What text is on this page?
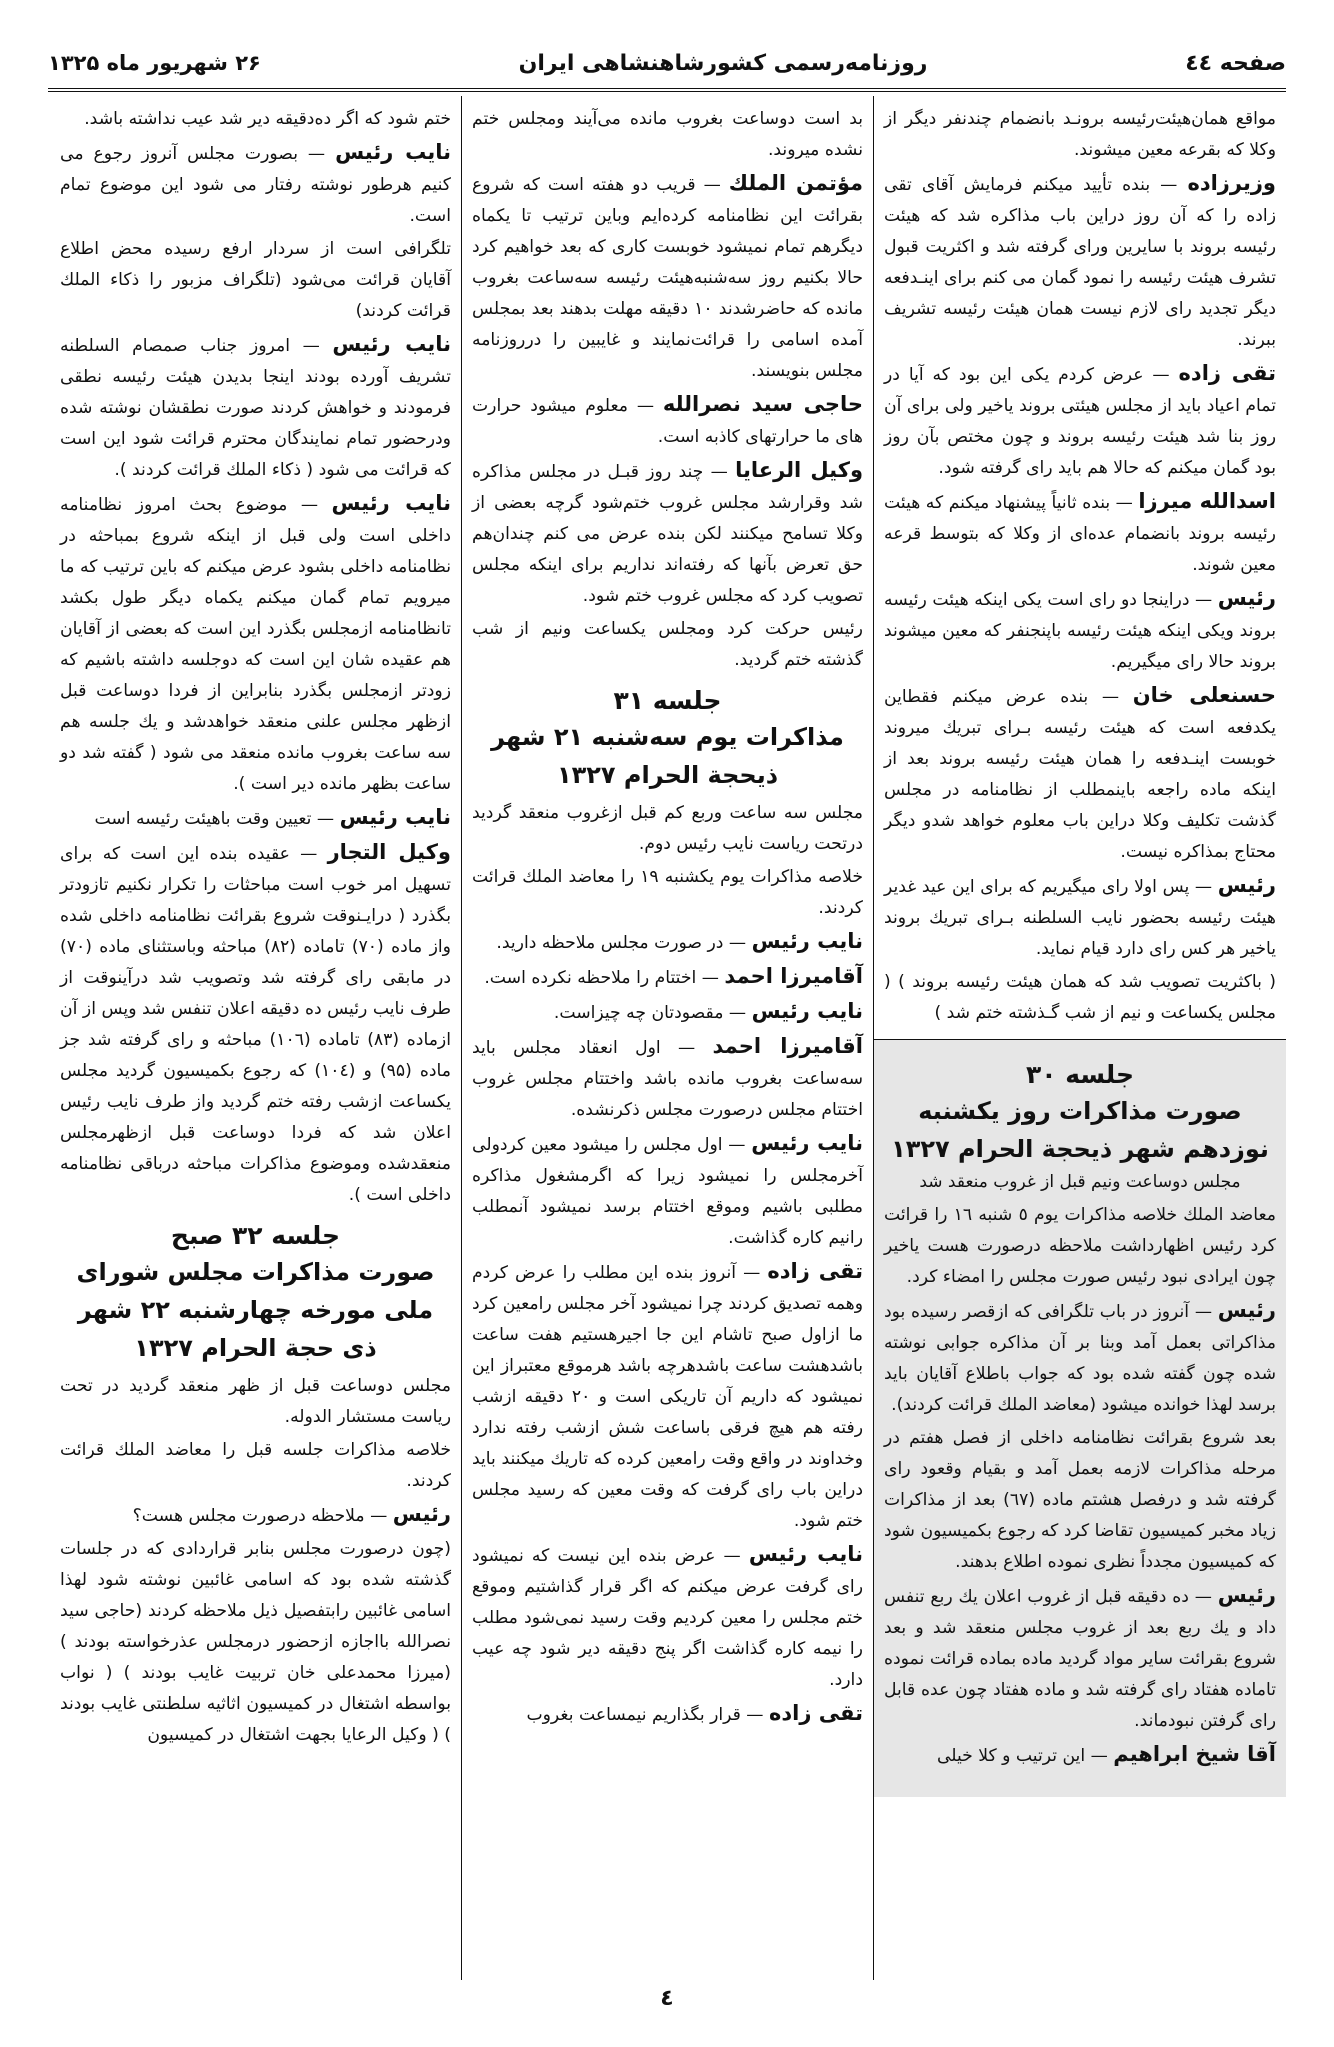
صفحه ٤٤
روزنامه‌رسمی کشورشاهنشاهی ایران
۲۶ شهریور ماه ۱۳۲۵

مواقع همان‌هیئت‌رئیسه برونـد بانضمام چندنفر دیگر از وکلا که بقرعه معین میشوند.

وزیرزاده — بنده تأیید میکنم فرمایش آقای تقی زاده را که آن روز دراین باب مذاکره شد که هیئت رئیسه بروند با سایرین ورای گرفته شد و اکثریت قبول تشرف هیئت رئیسه را نمود گمان می کنم برای اینـدفعه دیگر تجدید رای لازم نیست همان هیئت رئیسه تشریف ببرند.

تقی زاده — عرض کردم یکی این بود که آیا در تمام اعیاد باید از مجلس هیئتی بروند یاخیر ولی برای آن روز بنا شد هیئت رئیسه بروند و چون مختص بآن روز بود گمان میکنم که حالا هم باید رای گرفته شود.

اسدالله میرزا — بنده ثانیاً پیشنهاد میکنم که هیئت رئیسه بروند بانضمام عده‌ای از وکلا که بتوسط قرعه معین شوند.

رئیس — دراینجا دو رای است یکی اینکه هیئت رئیسه بروند ویکی اینکه هیئت رئیسه باپنجنفر که معین میشوند بروند حالا رای میگیریم.

حسنعلی خان — بنده عرض میکنم فقطاین یکدفعه است که هیئت رئیسه بـرای تبریك میروند خوبست اینـدفعه را همان هیئت رئیسه بروند بعد از اینکه ماده راجعه باینمطلب از نظامنامه در مجلس گذشت تکلیف وکلا دراین باب معلوم خواهد شدو دیگر محتاج بمذاکره نیست.

رئیس — پس اولا رای میگیریم که برای این عید غدیر هیئت رئیسه بحضور نایب السلطنه بـرای تبریك بروند یاخیر هر کس رای دارد قیام نماید.

( باکثریت تصویب شد که همان هیئت رئیسه بروند ) ( مجلس یکساعت و نیم از شب گـذشته ختم شد )

جلسه ۳۰
صورت مذاکرات روز یکشنبه نوزدهم شهر ذیحجة الحرام ۱۳۲۷
مجلس دوساعت ونیم قبل از غروب منعقد شد

معاضد الملك خلاصه مذاکرات یوم ٥ شنبه ١٦ را قرائت کرد رئیس اظهارداشت ملاحظه درصورت هست یاخیر چون ایرادی نبود رئیس صورت مجلس را امضاء کرد.

رئیس — آنروز در باب تلگرافی که ازقصر رسیده بود مذاکراتی بعمل آمد وبنا بر آن مذاکره جوابی نوشته شده چون گفته شده بود که جواب باطلاع آقایان باید برسد لهذا خوانده میشود (معاضد الملك قرائت کردند).

بعد شروع بقرائت نظامنامه داخلی از فصل هفتم در مرحله مذاکرات لازمه بعمل آمد و بقیام وقعود رای گرفته شد و درفصل هشتم ماده (٦٧) بعد از مذاکرات زیاد مخبر کمیسیون تقاضا کرد که رجوع بکمیسیون شود که کمیسیون مجدداً نظری نموده اطلاع بدهند.

رئیس — ده دقیقه قبل از غروب اعلان یك ربع تنفس داد و یك ربع بعد از غروب مجلس منعقد شد و بعد شروع بقرائت سایر مواد گردید ماده بماده قرائت نموده تاماده هفتاد رای گرفته شد و ماده هفتاد چون عده قابل رای گرفتن نبودماند.

آقا شیخ ابراهیم — این ترتیب و کلا خیلی

بد است دوساعت بغروب مانده می‌آیند ومجلس ختم نشده میروند.

مؤتمن الملك — قریب دو هفته است که شروع بقرائت این نظامنامه کرده‌ایم وباین ترتیب تا یکماه دیگرهم تمام نمیشود خوبست کاری که بعد خواهیم کرد حالا بکنیم روز سه‌شنبه‌هیئت رئیسه سه‌ساعت بغروب مانده که حاضرشدند ۱۰ دقیقه مهلت بدهند بعد بمجلس آمده اسامی را قرائت‌نمایند و غایبین را درروزنامه مجلس بنویسند.

حاجی سید نصرالله — معلوم میشود حرارت های ما حرارتهای کاذبه است.

وکیل الرعایا — چند روز قبـل در مجلس مذاکره شد وقرارشد مجلس غروب ختم‌شود گرچه بعضی از وکلا تسامح میکنند لکن بنده عرض می کنم چندان‌هم حق تعرض بآنها که رفته‌اند نداریم برای اینکه مجلس تصویب کرد که مجلس غروب ختم شود.

رئیس حرکت کرد ومجلس یکساعت ونیم از شب گذشته ختم گردید.

جلسه ۳۱
مذاکرات یوم سه‌شنبه ۲۱ شهر ذیحجة الحرام ۱۳۲۷

مجلس سه ساعت وربع کم قبل ازغروب منعقد گردید درتحت ریاست نایب رئیس دوم.

خلاصه مذاکرات یوم یکشنبه ۱۹ را معاضد الملك قرائت کردند.

نایب رئیس — در صورت مجلس ملاحظه دارید.

آقامیرزا احمد — اختتام را ملاحظه نکرده است.

نایب رئیس — مقصودتان چه چیزاست.

آقامیرزا احمد — اول انعقاد مجلس باید سه‌ساعت بغروب مانده باشد واختتام مجلس غروب اختتام مجلس درصورت مجلس ذکرنشده.

نایب رئیس — اول مجلس را میشود معین کردولی آخرمجلس را نمیشود زیرا که اگرمشغول مذاکره مطلبی باشیم وموقع اختتام برسد نمیشود آنمطلب رانیم کاره گذاشت.

تقی زاده — آنروز بنده این مطلب را عرض کردم وهمه تصدیق کردند چرا نمیشود آخر مجلس رامعین کرد ما ازاول صبح تاشام این جا اجیرهستیم هفت ساعت باشدهشت ساعت باشدهرچه باشد هرموقع معتبراز این نمیشود که داریم آن تاریکی است و ۲۰ دقیقه ازشب رفته هم هیچ فرقی باساعت شش ازشب رفته ندارد وخداوند در واقع وقت رامعین کرده که تاریك میکنند باید دراین باب رای گرفت که وقت معین که رسید مجلس ختم شود.

نایب رئیس — عرض بنده این نیست که نمیشود رای گرفت عرض میکنم که اگر قرار گذاشتیم وموقع ختم مجلس را معین کردیم وقت رسید نمی‌شود مطلب را نیمه کاره گذاشت اگر پنج دقیقه دیر شود چه عیب دارد.

تقی زاده — قرار بگذاریم نیمساعت بغروب

ختم شود که اگر ده‌دقیقه دیر شد عیب نداشته باشد.

نایب رئیس — بصورت مجلس آنروز رجوع می کنیم هرطور نوشته رفتار می شود این موضوع تمام است.

تلگرافی است از سردار ارفع رسیده محض اطلاع آقایان قرائت می‌شود (تلگراف مزبور را ذکاء الملك قرائت کردند)

نایب رئیس — امروز جناب صمصام السلطنه تشریف آورده بودند اینجا بدیدن هیئت رئیسه نطقی فرمودند و خواهش کردند صورت نطقشان نوشته شده ودرحضور تمام نمایندگان محترم قرائت شود این است که قرائت می شود ( ذکاء الملك قرائت کردند ).

نایب رئیس — موضوع بحث امروز نظامنامه داخلی است ولی قبل از اینکه شروع بمباحثه در نظامنامه داخلی بشود عرض میکنم که باین ترتیب که ما میرویم تمام گمان میکنم یکماه دیگر طول بکشد تانظامنامه ازمجلس بگذرد این است که بعضی از آقایان هم عقیده شان این است که دوجلسه داشته باشیم که زودتر ازمجلس بگذرد بنابراین از فردا دوساعت قبل ازظهر مجلس علنی منعقد خواهدشد و یك جلسه هم سه ساعت بغروب مانده منعقد می شود ( گفته شد دو ساعت بظهر مانده دیر است ).

نایب رئیس — تعیین وقت باهیئت رئیسه است

وکیل التجار — عقیده بنده این است که برای تسهیل امر خوب است مباحثات را تکرار نکنیم تازودتر بگذرد ( درایـنوقت شروع بقرائت نظامنامه داخلی شده واز ماده (۷۰) تاماده (۸۲) مباحثه وباستثنای ماده (۷۰) در مابقی رای گرفته شد وتصویب شد درآینوقت از طرف نایب رئیس ده دقیقه اعلان تنفس شد وپس از آن ازماده (۸۳) تاماده (۱۰٦) مباحثه و رای گرفته شد جز ماده (۹۵) و (۱۰٤) که رجوع بکمیسیون گردید مجلس یکساعت ازشب رفته ختم گردید واز طرف نایب رئیس اعلان شد که فردا دوساعت قبل ازظهرمجلس منعقدشده وموضوع مذاکرات مباحثه درباقی نظامنامه داخلی است ).

جلسه ۳۲ صبح
صورت مذاکرات مجلس شورای ملی مورخه چهارشنبه ۲۲ شهر ذی حجة الحرام ۱۳۲۷

مجلس دوساعت قبل از ظهر منعقد گردید در تحت ریاست مستشار الدوله.

خلاصه مذاکرات جلسه قبل را معاضد الملك قرائت کردند.

رئیس — ملاحظه درصورت مجلس هست؟

(چون درصورت مجلس بنابر قراردادی که در جلسات گذشته شده بود که اسامی غائبین نوشته شود لهذا اسامی غائبین رابتفصیل ذیل ملاحظه کردند (حاجی سید نصرالله بااجازه ازحضور درمجلس عذرخواسته بودند ) (میرزا محمدعلی خان تربیت غایب بودند ) ( نواب بواسطه اشتغال در کمیسیون اثاثیه سلطنتی غایب بودند ) ( وکیل الرعایا بجهت اشتغال در کمیسیون

٤
